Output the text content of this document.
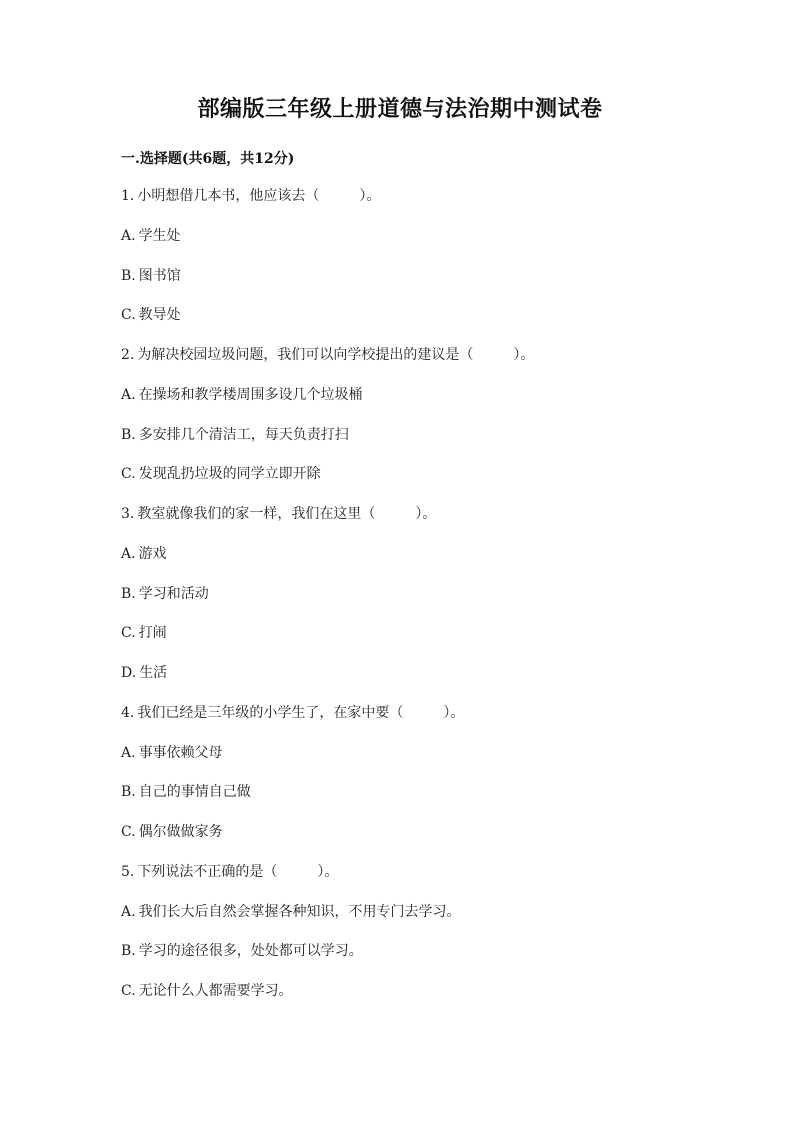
部编版三年级上册道德与法治期中测试卷
一.选择题(共6题，共12分)
1. 小明想借几本书，他应该去（	）。
A. 学生处
B. 图书馆
C. 教导处
2. 为解决校园垃圾问题，我们可以向学校提出的建议是（	）。
A. 在操场和教学楼周围多设几个垃圾桶
B. 多安排几个清洁工，每天负责打扫
C. 发现乱扔垃圾的同学立即开除
3. 教室就像我们的家一样，我们在这里（	）。
A. 游戏
B. 学习和活动
C. 打闹
D. 生活
4. 我们已经是三年级的小学生了，在家中要（	）。
A. 事事依赖父母
B. 自己的事情自己做
C. 偶尔做做家务
5. 下列说法不正确的是（	）。
A. 我们长大后自然会掌握各种知识，不用专门去学习。
B. 学习的途径很多，处处都可以学习。
C. 无论什么人都需要学习。
